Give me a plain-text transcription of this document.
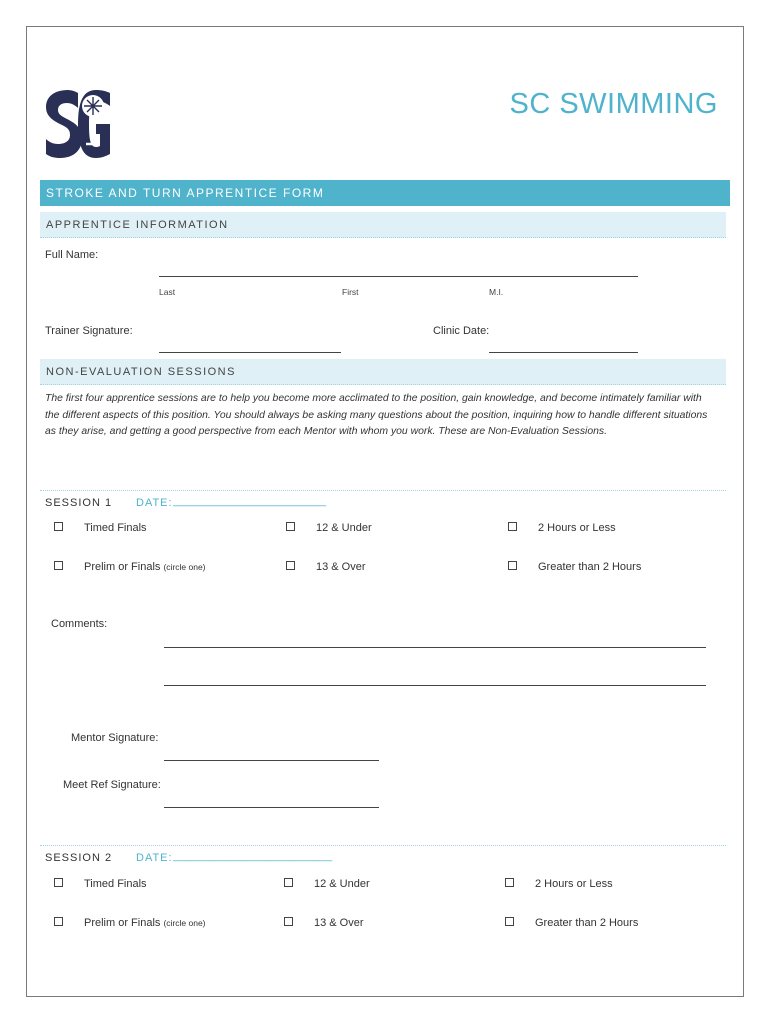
SC SWIMMING
STROKE AND TURN APPRENTICE FORM
APPRENTICE INFORMATION
Full Name:
Last	First	M.I.
Trainer Signature:	Clinic Date:
NON-EVALUATION SESSIONS
The first four apprentice sessions are to help you become more acclimated to the position, gain knowledge, and become intimately familiar with the different aspects of this position. You should always be asking many questions about the position, inquiring how to handle different situations as they arise, and getting a good perspective from each Mentor with whom you work. These are Non-Evaluation Sessions.
SESSION 1 DATE: _________________________
Timed Finals	12 & Under	2 Hours or Less
Prelim or Finals (circle one)	13 & Over	Greater than 2 Hours
Comments:
Mentor Signature:
Meet Ref Signature:
SESSION 2 DATE: __________________________
Timed Finals	12 & Under	2 Hours or Less
Prelim or Finals (circle one)	13 & Over	Greater than 2 Hours
